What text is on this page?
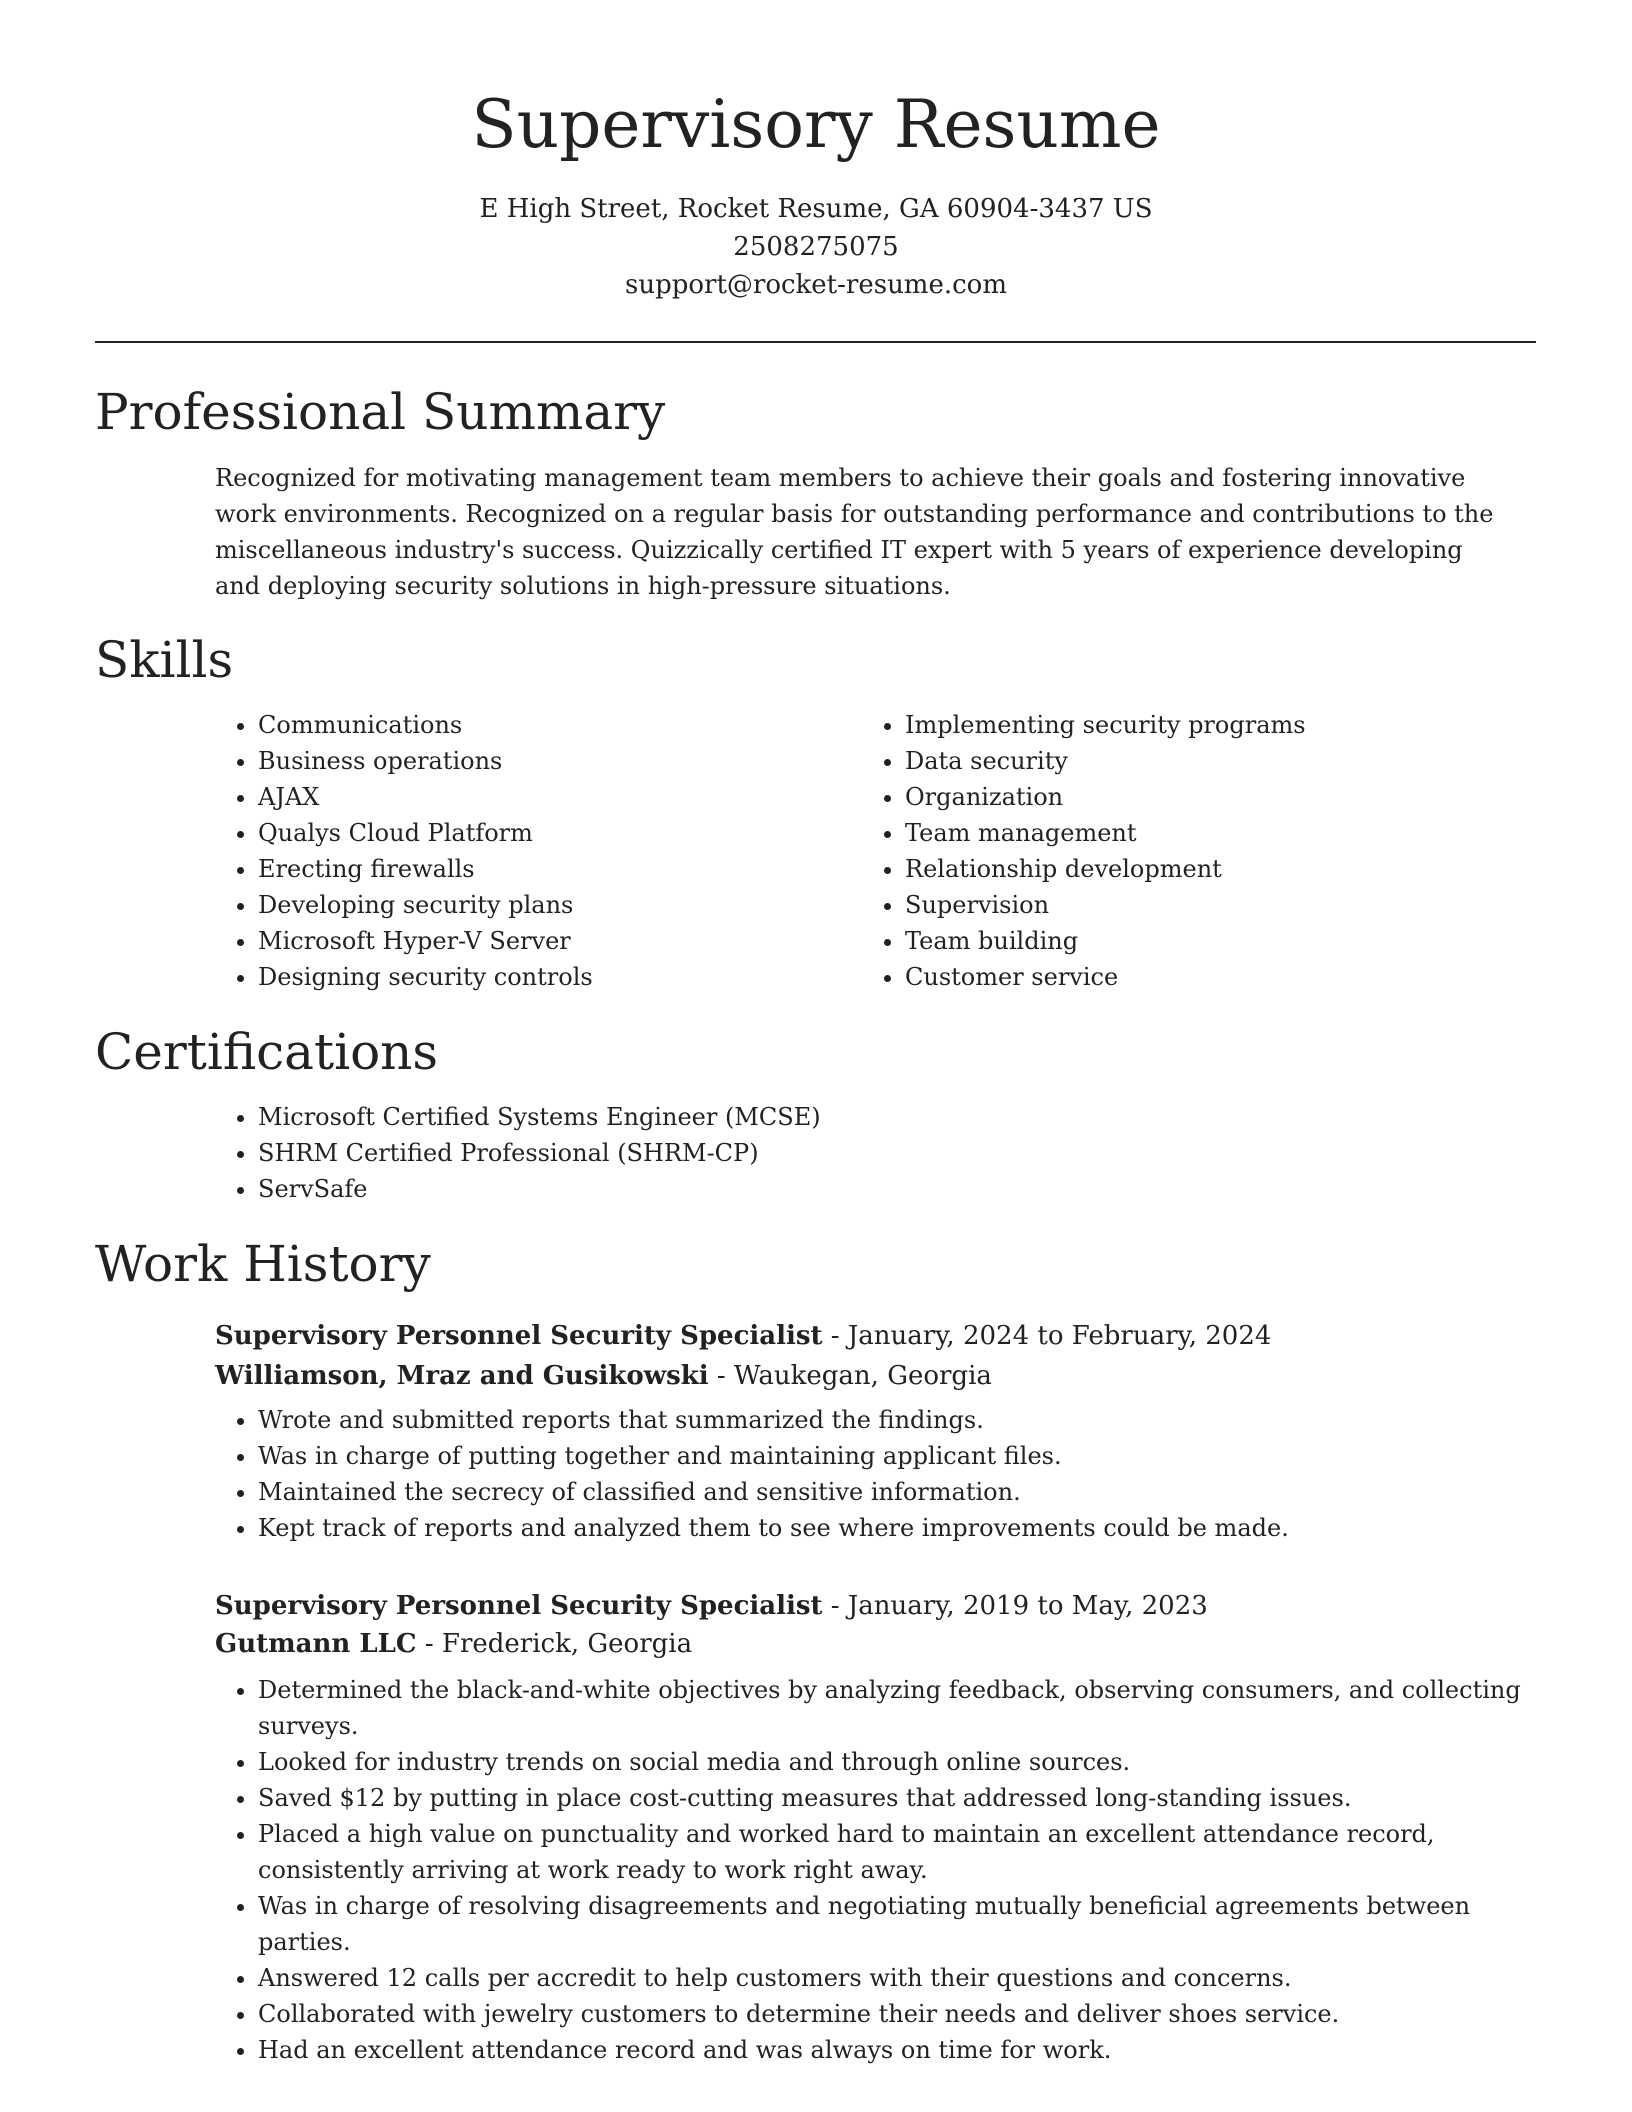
Supervisory Resume

E High Street, Rocket Resume, GA 60904-3437 US

2508275075

support@rocket-resume.com

Professional Summary

Recognized for motivating management team members to achieve their goals and fostering innovative work environments. Recognized on a regular basis for outstanding performance and contributions to the miscellaneous industry's success. Quizzically certified IT expert with 5 years of experience developing and deploying security solutions in high-pressure situations.

Skills
• Communications
• Business operations
• AJAX
• Qualys Cloud Platform
• Erecting firewalls
• Developing security plans
• Microsoft Hyper-V Server
• Designing security controls
• Implementing security programs
• Data security
• Organization
• Team management
• Relationship development
• Supervision
• Team building
• Customer service
Certifications
• Microsoft Certified Systems Engineer (MCSE)
• SHRM Certified Professional (SHRM-CP)
• ServSafe
Work History

Supervisory Personnel Security Specialist - January, 2024 to February, 2024

Williamson, Mraz and Gusikowski - Waukegan, Georgia

• Wrote and submitted reports that summarized the findings.
• Was in charge of putting together and maintaining applicant files.
• Maintained the secrecy of classified and sensitive information.
• Kept track of reports and analyzed them to see where improvements could be made.

Supervisory Personnel Security Specialist - January, 2019 to May, 2023

Gutmann LLC - Frederick, Georgia

• Determined the black-and-white objectives by analyzing feedback, observing consumers, and collecting surveys.
• Looked for industry trends on social media and through online sources.
• Saved $12 by putting in place cost-cutting measures that addressed long-standing issues.
• Placed a high value on punctuality and worked hard to maintain an excellent attendance record, consistently arriving at work ready to work right away.
• Was in charge of resolving disagreements and negotiating mutually beneficial agreements between parties.
• Answered 12 calls per accredit to help customers with their questions and concerns.
• Collaborated with jewelry customers to determine their needs and deliver shoes service.
• Had an excellent attendance record and was always on time for work.
